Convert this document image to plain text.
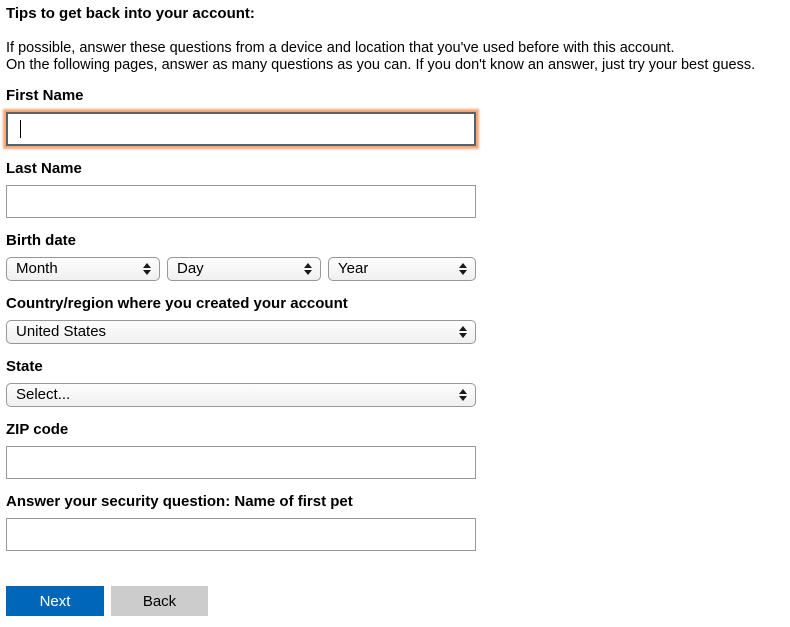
Tips to get back into your account:

If possible, answer these questions from a device and location that you've used before with this account.

On the following pages, answer as many questions as you can. If you don't know an answer, just try your best guess.

First Name
Last Name
Birth date
Month	Day	Year
Country/region where you created your account
United States
State
Select...
ZIP code
Answer your security question: Name of first pet
Next	Back
